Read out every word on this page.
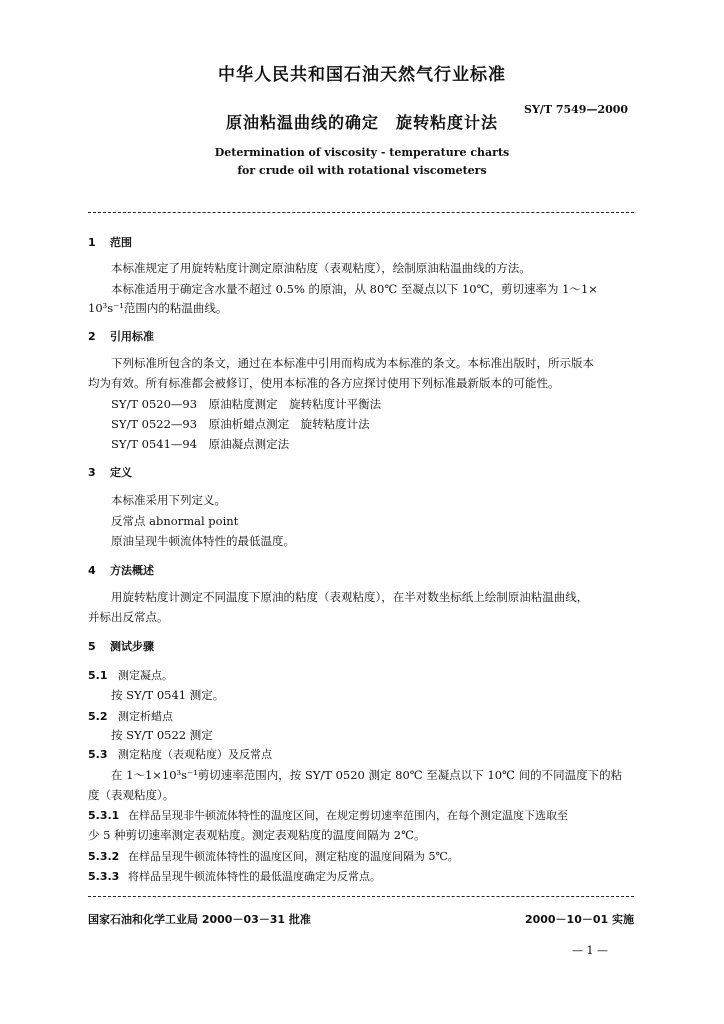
中华人民共和国石油天然气行业标准
SY/T 7549—2000
原油粘温曲线的确定　旋转粘度计法
Determination of viscosity - temperature charts
for crude oil with rotational viscometers
1 范围
本标准规定了用旋转粘度计测定原油粘度（表观粘度），绘制原油粘温曲线的方法。
本标准适用于确定含水量不超过 0.5% 的原油，从 80℃ 至凝点以下 10℃，剪切速率为 1～1×
10³s⁻¹范围内的粘温曲线。
2 引用标准
下列标准所包含的条文，通过在本标准中引用而构成为本标准的条文。本标准出版时，所示版本
均为有效。所有标准都会被修订，使用本标准的各方应探讨使用下列标准最新版本的可能性。
SY/T 0520—93　原油粘度测定　旋转粘度计平衡法
SY/T 0522—93　原油析蜡点测定　旋转粘度计法
SY/T 0541—94　原油凝点测定法
3 定义
本标准采用下列定义。
反常点 abnormal point
原油呈现牛顿流体特性的最低温度。
4 方法概述
用旋转粘度计测定不同温度下原油的粘度（表观粘度），在半对数坐标纸上绘制原油粘温曲线，
并标出反常点。
5 测试步骤
5.1 测定凝点。
按 SY/T 0541 测定。
5.2 测定析蜡点
按 SY/T 0522 测定
5.3 测定粘度（表观粘度）及反常点
在 1～1×10³s⁻¹剪切速率范围内，按 SY/T 0520 测定 80℃ 至凝点以下 10℃ 间的不同温度下的粘
度（表观粘度）。
5.3.1 在样品呈现非牛顿流体特性的温度区间，在规定剪切速率范围内，在每个测定温度下选取至
少 5 种剪切速率测定表观粘度。测定表观粘度的温度间隔为 2℃。
5.3.2 在样品呈现牛顿流体特性的温度区间，测定粘度的温度间隔为 5℃。
5.3.3 将样品呈现牛顿流体特性的最低温度确定为反常点。
国家石油和化学工业局 2000－03－31 批准	2000－10－01 实施
— 1 —
